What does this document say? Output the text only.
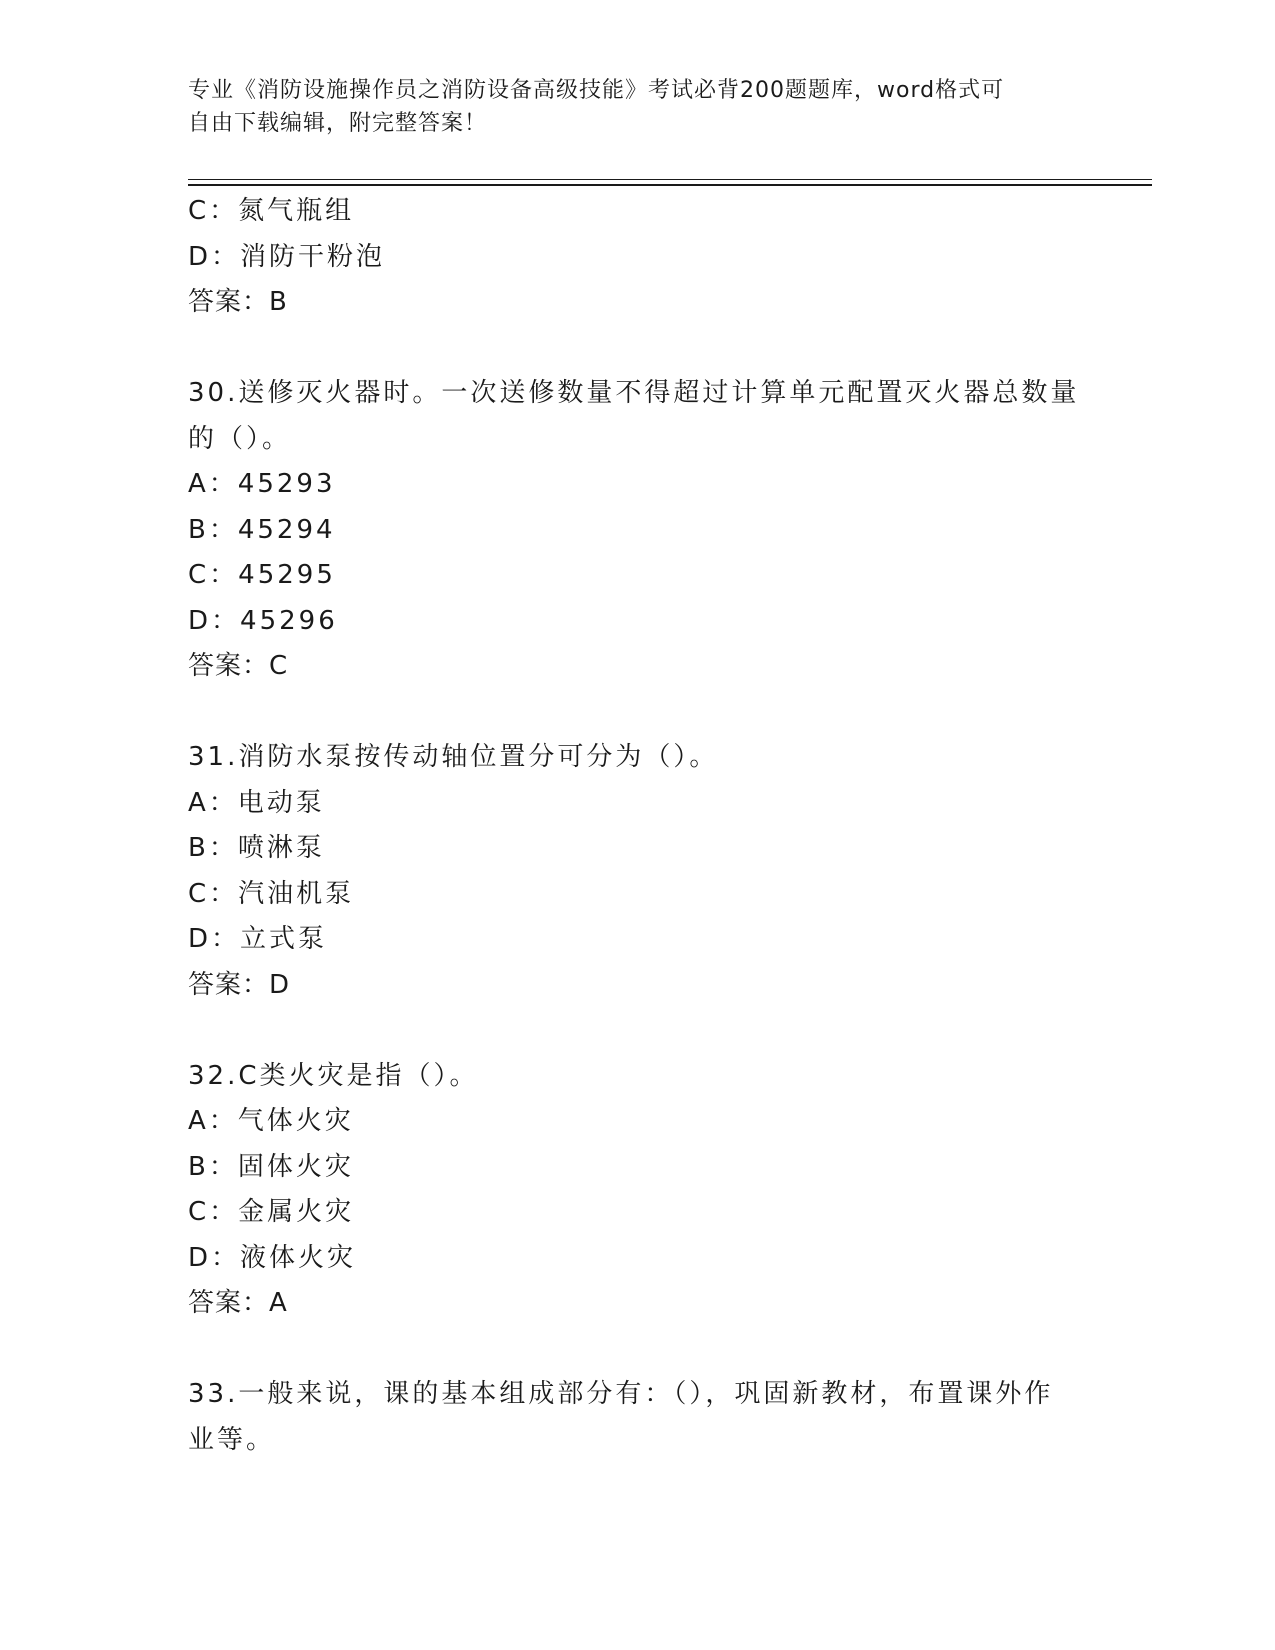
专业《消防设施操作员之消防设备高级技能》考试必背200题题库，word格式可
自由下载编辑，附完整答案！
C：氮气瓶组
D：消防干粉泡
答案：B
30.送修灭火器时。一次送修数量不得超过计算单元配置灭火器总数量
的（）。
A：45293
B：45294
C：45295
D：45296
答案：C
31.消防水泵按传动轴位置分可分为（）。
A：电动泵
B：喷淋泵
C：汽油机泵
D：立式泵
答案：D
32.C类火灾是指（）。
A：气体火灾
B：固体火灾
C：金属火灾
D：液体火灾
答案：A
33.一般来说，课的基本组成部分有：（），巩固新教材，布置课外作
业等。
